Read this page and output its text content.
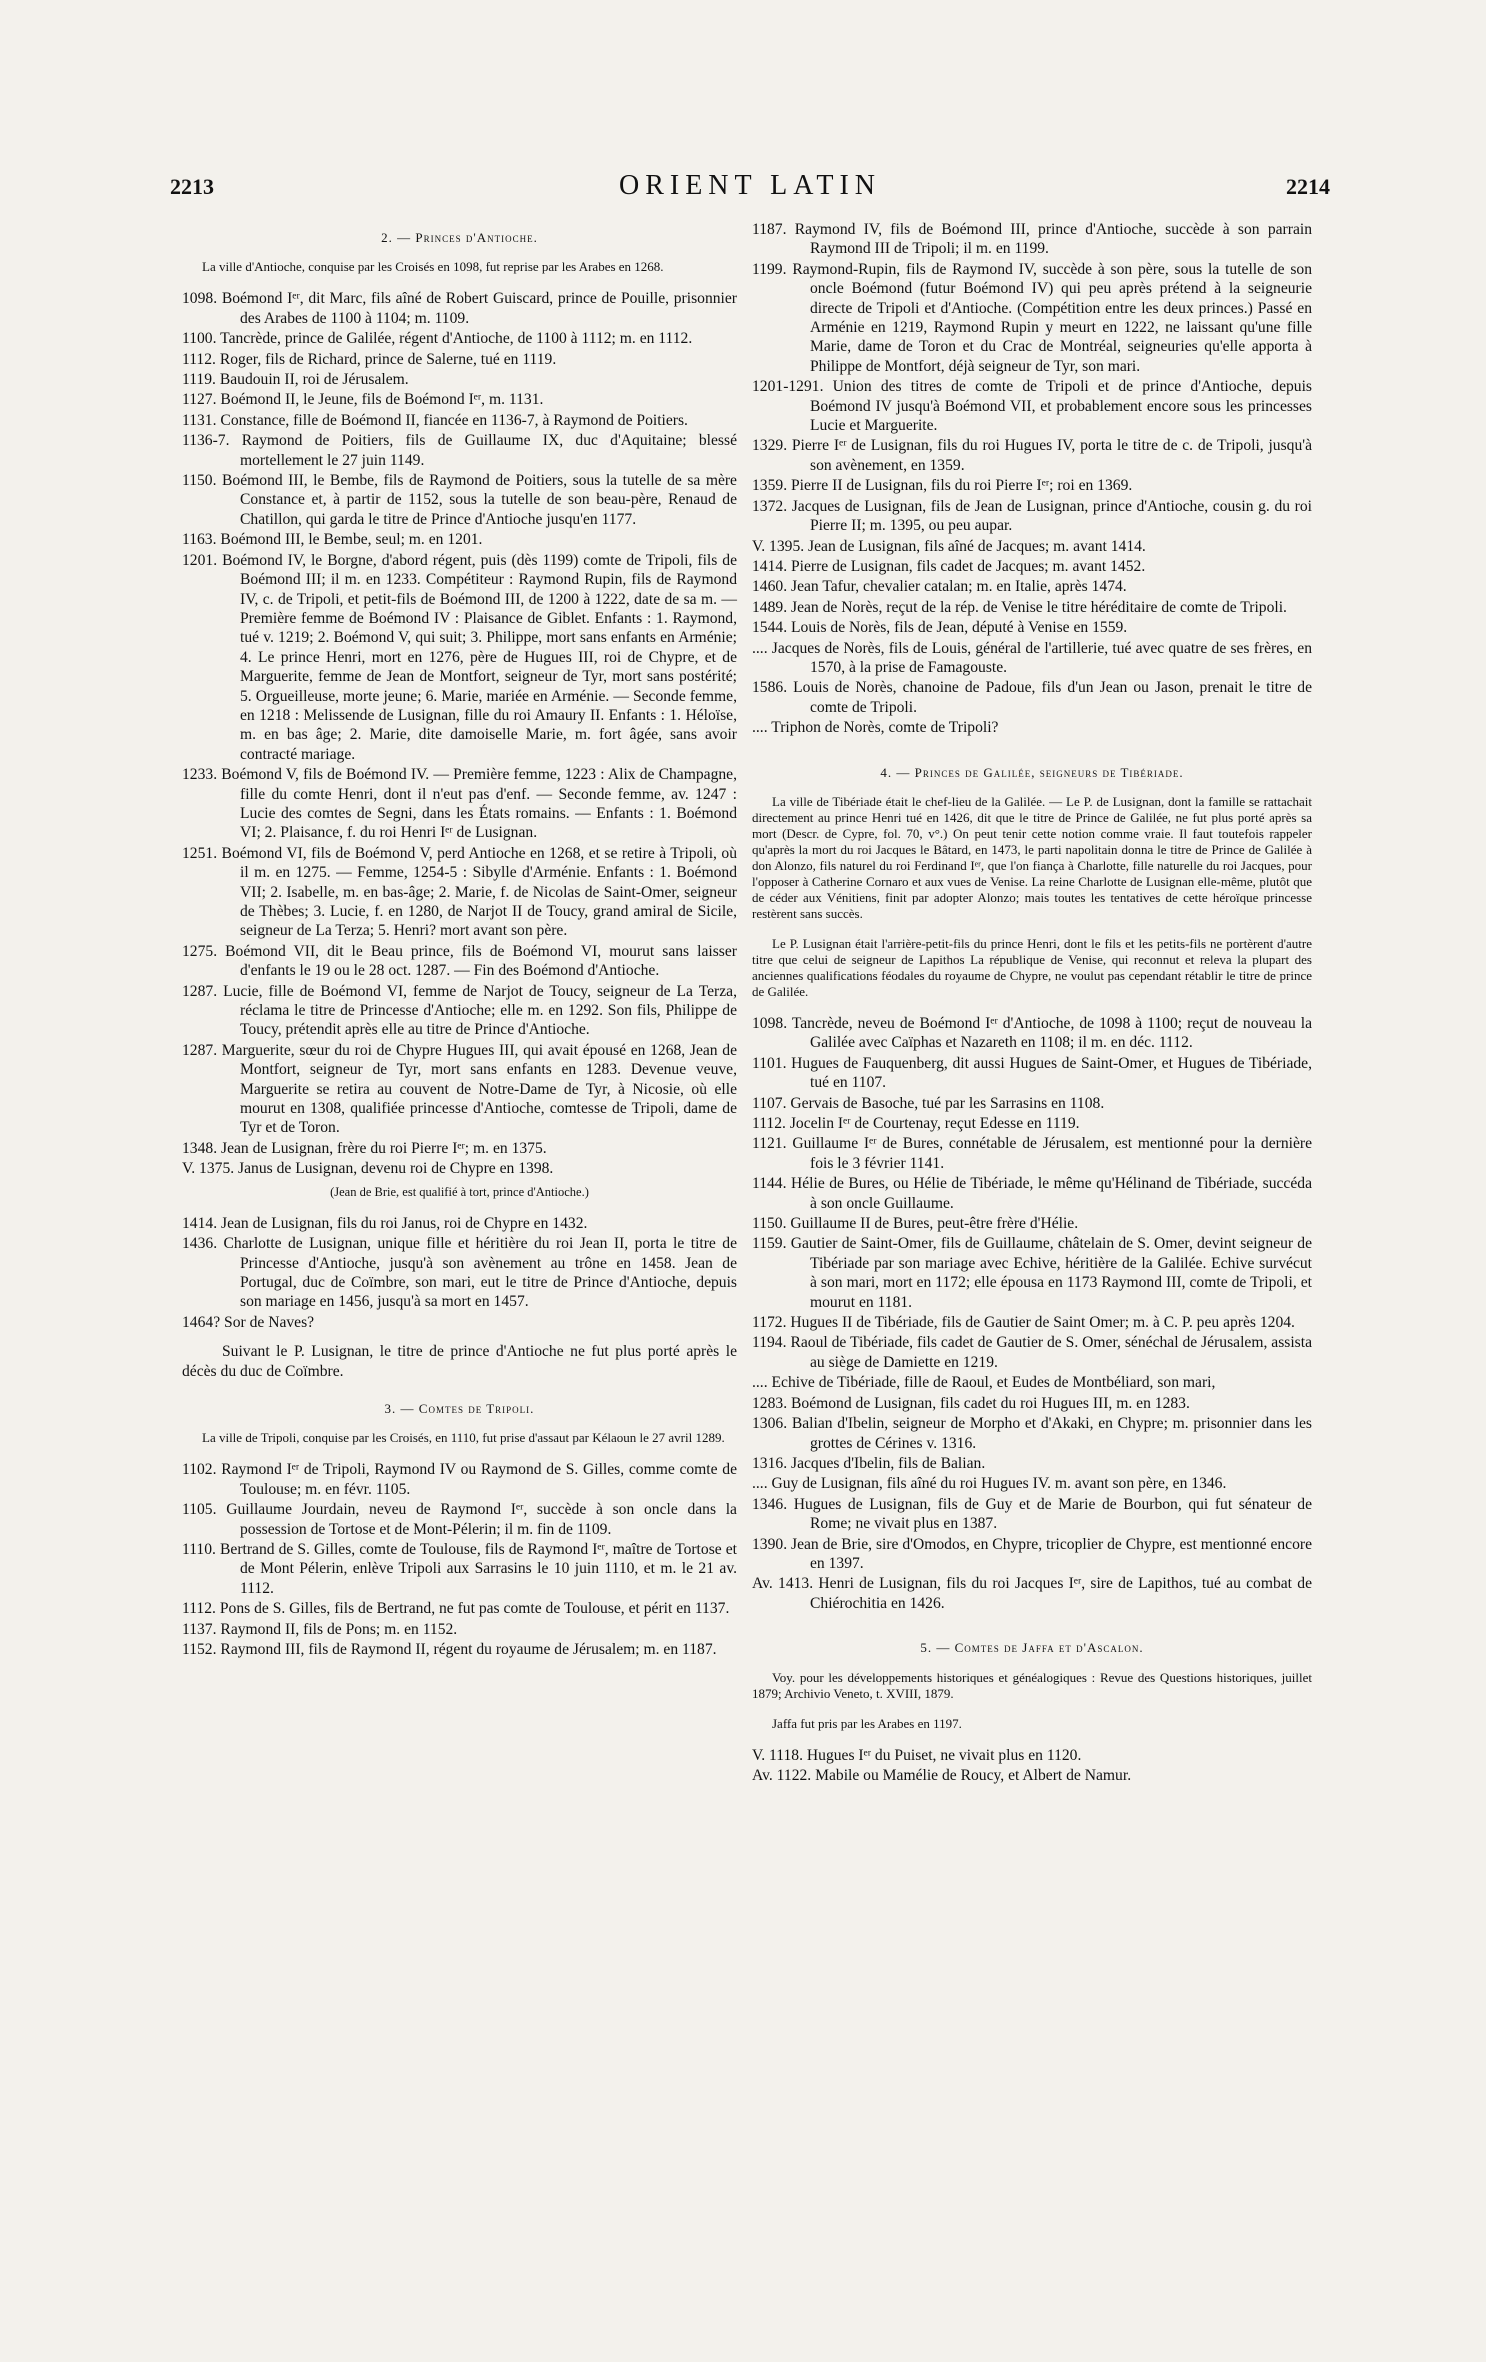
2213	ORIENT LATIN	2214
2. — Princes d'Antioche.

La ville d'Antioche, conquise par les Croisés en 1098, fut reprise par les Arabes en 1268.

1098. Boémond Iᵉʳ, dit Marc, fils aîné de Robert Guiscard, prince de Pouille, prisonnier des Arabes de 1100 à 1104; m. 1109.
1100. Tancrède, prince de Galilée, régent d'Antioche, de 1100 à 1112; m. en 1112.
1112. Roger, fils de Richard, prince de Salerne, tué en 1119.
1119. Baudouin II, roi de Jérusalem.
1127. Boémond II, le Jeune, fils de Boémond Iᵉʳ, m. 1131.
1131. Constance, fille de Boémond II, fiancée en 1136-7, à Raymond de Poitiers.
1136-7. Raymond de Poitiers, fils de Guillaume IX, duc d'Aquitaine; blessé mortellement le 27 juin 1149.
1150. Boémond III, le Bembe, fils de Raymond de Poitiers, sous la tutelle de sa mère Constance et, à partir de 1152, sous la tutelle de son beau-père, Renaud de Chatillon, qui garda le titre de Prince d'Antioche jusqu'en 1177.
1163. Boémond III, le Bembe, seul; m. en 1201.
1201. Boémond IV, le Borgne, d'abord régent, puis (dès 1199) comte de Tripoli, fils de Boémond III; il m. en 1233. Compétiteur : Raymond Rupin, fils de Raymond IV, c. de Tripoli, et petit-fils de Boémond III, de 1200 à 1222, date de sa m. — Première femme de Boémond IV : Plaisance de Giblet. Enfants : 1. Raymond, tué v. 1219; 2. Boémond V, qui suit; 3. Philippe, mort sans enfants en Arménie; 4. Le prince Henri, mort en 1276, père de Hugues III, roi de Chypre, et de Marguerite, femme de Jean de Montfort, seigneur de Tyr, mort sans postérité; 5. Orgueilleuse, morte jeune; 6. Marie, mariée en Arménie. — Seconde femme, en 1218 : Melissende de Lusignan, fille du roi Amaury II. Enfants : 1. Héloïse, m. en bas âge; 2. Marie, dite damoiselle Marie, m. fort âgée, sans avoir contracté mariage.
1233. Boémond V, fils de Boémond IV. — Première femme, 1223 : Alix de Champagne, fille du comte Henri, dont il n'eut pas d'enf. — Seconde femme, av. 1247 : Lucie des comtes de Segni, dans les États romains. — Enfants : 1. Boémond VI; 2. Plaisance, f. du roi Henri Iᵉʳ de Lusignan.
1251. Boémond VI, fils de Boémond V, perd Antioche en 1268, et se retire à Tripoli, où il m. en 1275. — Femme, 1254-5 : Sibylle d'Arménie. Enfants : 1. Boémond VII; 2. Isabelle, m. en bas-âge; 2. Marie, f. de Nicolas de Saint-Omer, seigneur de Thèbes; 3. Lucie, f. en 1280, de Narjot II de Toucy, grand amiral de Sicile, seigneur de La Terza; 5. Henri? mort avant son père.
1275. Boémond VII, dit le Beau prince, fils de Boémond VI, mourut sans laisser d'enfants le 19 ou le 28 oct. 1287. — Fin des Boémond d'Antioche.
1287. Lucie, fille de Boémond VI, femme de Narjot de Toucy, seigneur de La Terza, réclama le titre de Princesse d'Antioche; elle m. en 1292. Son fils, Philippe de Toucy, prétendit après elle au titre de Prince d'Antioche.
1287. Marguerite, sœur du roi de Chypre Hugues III, qui avait épousé en 1268, Jean de Montfort, seigneur de Tyr, mort sans enfants en 1283. Devenue veuve, Marguerite se retira au couvent de Notre-Dame de Tyr, à Nicosie, où elle mourut en 1308, qualifiée princesse d'Antioche, comtesse de Tripoli, dame de Tyr et de Toron.
1348. Jean de Lusignan, frère du roi Pierre Iᵉʳ; m. en 1375.
V. 1375. Janus de Lusignan, devenu roi de Chypre en 1398.
(Jean de Brie, est qualifié à tort, prince d'Antioche.)
1414. Jean de Lusignan, fils du roi Janus, roi de Chypre en 1432.
1436. Charlotte de Lusignan, unique fille et héritière du roi Jean II, porta le titre de Princesse d'Antioche, jusqu'à son avènement au trône en 1458. Jean de Portugal, duc de Coïmbre, son mari, eut le titre de Prince d'Antioche, depuis son mariage en 1456, jusqu'à sa mort en 1457.
1464? Sor de Naves?

Suivant le P. Lusignan, le titre de prince d'Antioche ne fut plus porté après le décès du duc de Coïmbre.

3. — Comtes de Tripoli.

La ville de Tripoli, conquise par les Croisés, en 1110, fut prise d'assaut par Kélaoun le 27 avril 1289.

1102. Raymond Iᵉʳ de Tripoli, Raymond IV ou Raymond de S. Gilles, comme comte de Toulouse; m. en févr. 1105.
1105. Guillaume Jourdain, neveu de Raymond Iᵉʳ, succède à son oncle dans la possession de Tortose et de Mont-Pélerin; il m. fin de 1109.
1110. Bertrand de S. Gilles, comte de Toulouse, fils de Raymond Iᵉʳ, maître de Tortose et de Mont Pélerin, enlève Tripoli aux Sarrasins le 10 juin 1110, et m. le 21 av. 1112.
1112. Pons de S. Gilles, fils de Bertrand, ne fut pas comte de Toulouse, et périt en 1137.
1137. Raymond II, fils de Pons; m. en 1152.
1152. Raymond III, fils de Raymond II, régent du royaume de Jérusalem; m. en 1187.
1187. Raymond IV, fils de Boémond III, prince d'Antioche, succède à son parrain Raymond III de Tripoli; il m. en 1199.
1199. Raymond-Rupin, fils de Raymond IV, succède à son père, sous la tutelle de son oncle Boémond (futur Boémond IV) qui peu après prétend à la seigneurie directe de Tripoli et d'Antioche. (Compétition entre les deux princes.) Passé en Arménie en 1219, Raymond Rupin y meurt en 1222, ne laissant qu'une fille Marie, dame de Toron et du Crac de Montréal, seigneuries qu'elle apporta à Philippe de Montfort, déjà seigneur de Tyr, son mari.
1201-1291. Union des titres de comte de Tripoli et de prince d'Antioche, depuis Boémond IV jusqu'à Boémond VII, et probablement encore sous les princesses Lucie et Marguerite.
1329. Pierre Iᵉʳ de Lusignan, fils du roi Hugues IV, porta le titre de c. de Tripoli, jusqu'à son avènement, en 1359.
1359. Pierre II de Lusignan, fils du roi Pierre Iᵉʳ; roi en 1369.
1372. Jacques de Lusignan, fils de Jean de Lusignan, prince d'Antioche, cousin g. du roi Pierre II; m. 1395, ou peu aupar.
V. 1395. Jean de Lusignan, fils aîné de Jacques; m. avant 1414.
1414. Pierre de Lusignan, fils cadet de Jacques; m. avant 1452.
1460. Jean Tafur, chevalier catalan; m. en Italie, après 1474.
1489. Jean de Norès, reçut de la rép. de Venise le titre héréditaire de comte de Tripoli.
1544. Louis de Norès, fils de Jean, député à Venise en 1559.
.... Jacques de Norès, fils de Louis, général de l'artillerie, tué avec quatre de ses frères, en 1570, à la prise de Famagouste.
1586. Louis de Norès, chanoine de Padoue, fils d'un Jean ou Jason, prenait le titre de comte de Tripoli.
.... Triphon de Norès, comte de Tripoli?
4. — Princes de Galilée, seigneurs de Tibériade.

La ville de Tibériade était le chef-lieu de la Galilée. — Le P. de Lusignan, dont la famille se rattachait directement au prince Henri tué en 1426, dit que le titre de Prince de Galilée, ne fut plus porté après sa mort (Descr. de Cypre, fol. 70, v°.) On peut tenir cette notion comme vraie. Il faut toutefois rappeler qu'après la mort du roi Jacques le Bâtard, en 1473, le parti napolitain donna le titre de Prince de Galilée à don Alonzo, fils naturel du roi Ferdinand Iᵉʳ, que l'on fiança à Charlotte, fille naturelle du roi Jacques, pour l'opposer à Catherine Cornaro et aux vues de Venise. La reine Charlotte de Lusignan elle-même, plutôt que de céder aux Vénitiens, finit par adopter Alonzo; mais toutes les tentatives de cette héroïque princesse restèrent sans succès.

Le P. Lusignan était l'arrière-petit-fils du prince Henri, dont le fils et les petits-fils ne portèrent d'autre titre que celui de seigneur de Lapithos La république de Venise, qui reconnut et releva la plupart des anciennes qualifications féodales du royaume de Chypre, ne voulut pas cependant rétablir le titre de prince de Galilée.

1098. Tancrède, neveu de Boémond Iᵉʳ d'Antioche, de 1098 à 1100; reçut de nouveau la Galilée avec Caïphas et Nazareth en 1108; il m. en déc. 1112.
1101. Hugues de Fauquenberg, dit aussi Hugues de Saint-Omer, et Hugues de Tibériade, tué en 1107.
1107. Gervais de Basoche, tué par les Sarrasins en 1108.
1112. Jocelin Iᵉʳ de Courtenay, reçut Edesse en 1119.
1121. Guillaume Iᵉʳ de Bures, connétable de Jérusalem, est mentionné pour la dernière fois le 3 février 1141.
1144. Hélie de Bures, ou Hélie de Tibériade, le même qu'Hélinand de Tibériade, succéda à son oncle Guillaume.
1150. Guillaume II de Bures, peut-être frère d'Hélie.
1159. Gautier de Saint-Omer, fils de Guillaume, châtelain de S. Omer, devint seigneur de Tibériade par son mariage avec Echive, héritière de la Galilée. Echive survécut à son mari, mort en 1172; elle épousa en 1173 Raymond III, comte de Tripoli, et mourut en 1181.
1172. Hugues II de Tibériade, fils de Gautier de Saint Omer; m. à C. P. peu après 1204.
1194. Raoul de Tibériade, fils cadet de Gautier de S. Omer, sénéchal de Jérusalem, assista au siège de Damiette en 1219.
.... Echive de Tibériade, fille de Raoul, et Eudes de Montbéliard, son mari,
1283. Boémond de Lusignan, fils cadet du roi Hugues III, m. en 1283.
1306. Balian d'Ibelin, seigneur de Morpho et d'Akaki, en Chypre; m. prisonnier dans les grottes de Cérines v. 1316.
1316. Jacques d'Ibelin, fils de Balian.
.... Guy de Lusignan, fils aîné du roi Hugues IV. m. avant son père, en 1346.
1346. Hugues de Lusignan, fils de Guy et de Marie de Bourbon, qui fut sénateur de Rome; ne vivait plus en 1387.
1390. Jean de Brie, sire d'Omodos, en Chypre, tricoplier de Chypre, est mentionné encore en 1397.
Av. 1413. Henri de Lusignan, fils du roi Jacques Iᵉʳ, sire de Lapithos, tué au combat de Chiérochitia en 1426.
5. — Comtes de Jaffa et d'Ascalon.

Voy. pour les développements historiques et généalogiques : Revue des Questions historiques, juillet 1879; Archivio Veneto, t. XVIII, 1879.

Jaffa fut pris par les Arabes en 1197.

V. 1118. Hugues Iᵉʳ du Puiset, ne vivait plus en 1120.
Av. 1122. Mabile ou Mamélie de Roucy, et Albert de Namur.
